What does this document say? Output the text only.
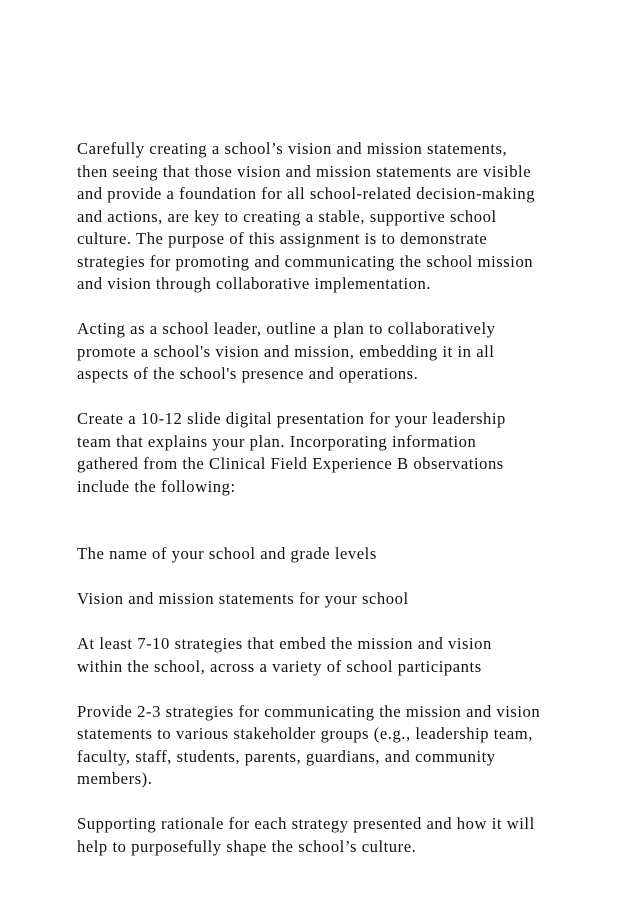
Carefully creating a school’s vision and mission statements,
then seeing that those vision and mission statements are visible
and provide a foundation for all school-related decision-making
and actions, are key to creating a stable, supportive school
culture. The purpose of this assignment is to demonstrate
strategies for promoting and communicating the school mission
and vision through collaborative implementation.
Acting as a school leader, outline a plan to collaboratively
promote a school's vision and mission, embedding it in all
aspects of the school's presence and operations.
Create a 10-12 slide digital presentation for your leadership
team that explains your plan. Incorporating information
gathered from the Clinical Field Experience B observations
include the following:
The name of your school and grade levels
Vision and mission statements for your school
At least 7-10 strategies that embed the mission and vision
within the school, across a variety of school participants
Provide 2-3 strategies for communicating the mission and vision
statements to various stakeholder groups (e.g., leadership team,
faculty, staff, students, parents, guardians, and community
members).
Supporting rationale for each strategy presented and how it will
help to purposefully shape the school’s culture.
